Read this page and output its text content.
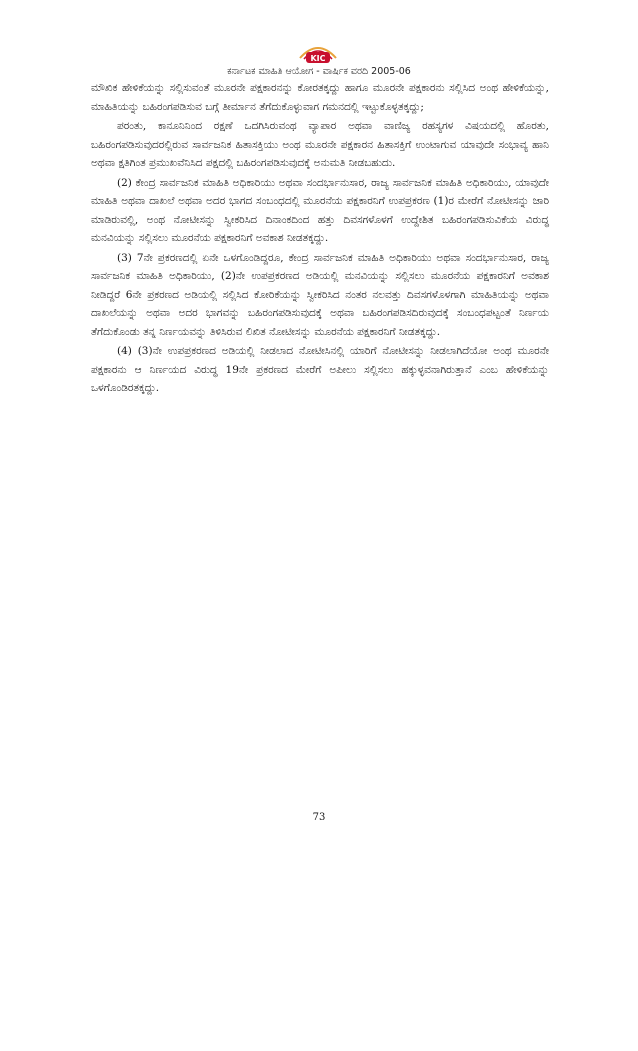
KIC
ಕರ್ನಾಟಕ ಮಾಹಿತಿ ಆಯೋಗ - ವಾರ್ಷಿಕ ವರದಿ 2005-06

ಮೌಖಿಕ ಹೇಳಿಕೆಯನ್ನು ಸಲ್ಲಿಸುವಂತೆ ಮೂರನೇ ಪಕ್ಷಕಾರನನ್ನು ಕೋರತಕ್ಕದ್ದು ಹಾಗೂ ಮೂರನೇ ಪಕ್ಷಕಾರನು ಸಲ್ಲಿಸಿದ ಅಂಥ ಹೇಳಿಕೆಯನ್ನು, ಮಾಹಿತಿಯನ್ನು ಬಹಿರಂಗಪಡಿಸುವ ಬಗ್ಗೆ ತೀರ್ಮಾನ ತೆಗೆದುಕೊಳ್ಳುವಾಗ ಗಮನದಲ್ಲಿ ಇಟ್ಟುಕೊಳ್ಳತಕ್ಕದ್ದು;

ಪರಂತು, ಕಾನೂನಿನಿಂದ ರಕ್ಷಣೆ ಒದಗಿಸಿರುವಂಥ ವ್ಯಾಪಾರ ಅಥವಾ ವಾಣಿಜ್ಯ ರಹಸ್ಯಗಳ ವಿಷಯದಲ್ಲಿ ಹೊರತು, ಬಹಿರಂಗಪಡಿಸುವುದರಲ್ಲಿರುವ ಸಾರ್ವಜನಿಕ ಹಿತಾಸಕ್ತಿಯು ಅಂಥ ಮೂರನೇ ಪಕ್ಷಕಾರನ ಹಿತಾಸಕ್ತಿಗೆ ಉಂಟಾಗುವ ಯಾವುದೇ ಸಂಭಾವ್ಯ ಹಾನಿ ಅಥವಾ ಕ್ಷತಿಗಿಂತ ಪ್ರಮುಖವೆನಿಸಿದ ಪಕ್ಷದಲ್ಲಿ ಬಹಿರಂಗಪಡಿಸುವುದಕ್ಕೆ ಅನುಮತಿ ನೀಡಬಹುದು.

(2) ಕೇಂದ್ರ ಸಾರ್ವಜನಿಕ ಮಾಹಿತಿ ಅಧಿಕಾರಿಯು ಅಥವಾ ಸಂದರ್ಭಾನುಸಾರ, ರಾಜ್ಯ ಸಾರ್ವಜನಿಕ ಮಾಹಿತಿ ಅಧಿಕಾರಿಯು, ಯಾವುದೇ ಮಾಹಿತಿ ಅಥವಾ ದಾಖಲೆ ಅಥವಾ ಅದರ ಭಾಗದ ಸಂಬಂಧದಲ್ಲಿ ಮೂರನೆಯ ಪಕ್ಷಕಾರನಿಗೆ ಉಪಪ್ರಕರಣ (1)ರ ಮೇರೆಗೆ ನೋಟೀಸನ್ನು ಜಾರಿ ಮಾಡಿರುವಲ್ಲಿ, ಅಂಥ ನೋಟೀಸನ್ನು ಸ್ವೀಕರಿಸಿದ ದಿನಾಂಕದಿಂದ ಹತ್ತು ದಿವಸಗಳೊಳಗೆ ಉದ್ದೇಶಿತ ಬಹಿರಂಗಪಡಿಸುವಿಕೆಯ ವಿರುದ್ಧ ಮನವಿಯನ್ನು ಸಲ್ಲಿಸಲು ಮೂರನೆಯ ಪಕ್ಷಕಾರನಿಗೆ ಅವಕಾಶ ನೀಡತಕ್ಕದ್ದು.

(3) 7ನೇ ಪ್ರಕರಣದಲ್ಲಿ ಏನೇ ಒಳಗೊಂಡಿದ್ದರೂ, ಕೇಂದ್ರ ಸಾರ್ವಜನಿಕ ಮಾಹಿತಿ ಅಧಿಕಾರಿಯು ಅಥವಾ ಸಂದರ್ಭಾನುಸಾರ, ರಾಜ್ಯ ಸಾರ್ವಜನಿಕ ಮಾಹಿತಿ ಅಧಿಕಾರಿಯು, (2)ನೇ ಉಪಪ್ರಕರಣದ ಅಡಿಯಲ್ಲಿ ಮನವಿಯನ್ನು ಸಲ್ಲಿಸಲು ಮೂರನೆಯ ಪಕ್ಷಕಾರನಿಗೆ ಅವಕಾಶ ನೀಡಿದ್ದರೆ 6ನೇ ಪ್ರಕರಣದ ಅಡಿಯಲ್ಲಿ ಸಲ್ಲಿಸಿದ ಕೋರಿಕೆಯನ್ನು ಸ್ವೀಕರಿಸಿದ ನಂತರ ನಲವತ್ತು ದಿವಸಗಳೊಳಗಾಗಿ ಮಾಹಿತಿಯನ್ನು ಅಥವಾ ದಾಖಲೆಯನ್ನು ಅಥವಾ ಅದರ ಭಾಗವನ್ನು ಬಹಿರಂಗಪಡಿಸುವುದಕ್ಕೆ ಅಥವಾ ಬಹಿರಂಗಪಡಿಸದಿರುವುದಕ್ಕೆ ಸಂಬಂಧಪಟ್ಟಂತೆ ನಿರ್ಣಯ ತೆಗೆದುಕೊಂಡು ತನ್ನ ನಿರ್ಣಯವನ್ನು ತಿಳಿಸಿರುವ ಲಿಖಿತ ನೋಟೀಸನ್ನು ಮೂರನೆಯ ಪಕ್ಷಕಾರನಿಗೆ ನೀಡತಕ್ಕದ್ದು.

(4) (3)ನೇ ಉಪಪ್ರಕರಣದ ಅಡಿಯಲ್ಲಿ ನೀಡಲಾದ ನೋಟೀಸಿನಲ್ಲಿ ಯಾರಿಗೆ ನೋಟೀಸನ್ನು ನೀಡಲಾಗಿದೆಯೋ ಅಂಥ ಮೂರನೇ ಪಕ್ಷಕಾರನು ಆ ನಿರ್ಣಯದ ವಿರುದ್ಧ 19ನೇ ಪ್ರಕರಣದ ಮೇರೆಗೆ ಅಪೀಲು ಸಲ್ಲಿಸಲು ಹಕ್ಕುಳ್ಳವನಾಗಿರುತ್ತಾನೆ ಎಂಬ ಹೇಳಿಕೆಯನ್ನು ಒಳಗೊಂಡಿರತಕ್ಕದ್ದು.

73
